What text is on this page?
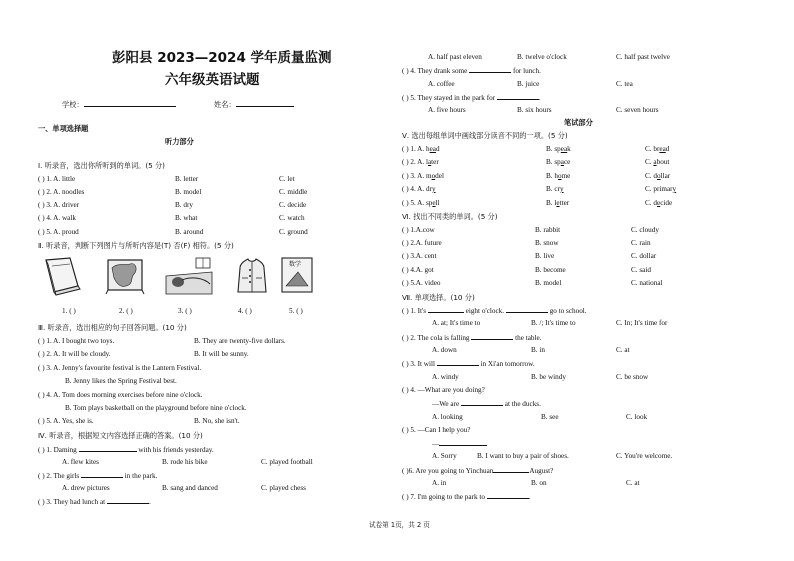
彭阳县 2023—2024 学年质量监测
六年级英语试题
学校：	姓名：
一、单项选择题
听力部分
Ⅰ. 听录音，选出你所听到的单词。(5 分)
( ) 1. A. little	B. letter	C. let
( ) 2. A. noodles	B. model	C. middle
( ) 3. A. driver	B. dry	C. decide
( ) 4. A. walk	B. what	C. watch
( ) 5. A. proud	B. around	C. ground
Ⅱ. 听录音，判断下列图片与所听内容是(T) 否(F) 相符。(5 分)
数学
1. ( )	2. ( )	3. ( )	4. ( )	5. ( )
Ⅲ. 听录音，选出相应的句子回答问题。(10 分)
( ) 1. A. I bought two toys.	B. They are twenty-five dollars.
( ) 2. A. It will be cloudy.	B. It will be sunny.
( ) 3. A. Jenny's favourite festival is the Lantern Festival.
B. Jenny likes the Spring Festival best.
( ) 4. A. Tom does morning exercises before nine o'clock.
B. Tom plays basketball on the playground before nine o'clock.
( ) 5. A. Yes, she is.	B. No, she isn't.
Ⅳ. 听录音，根据短文内容选择正确的答案。(10 分)
( ) 1. Daming	with his friends yesterday.
A. flew kites	B. rode his bike	C. played football
( ) 2. The girls	in the park.
A. drew pictures	B. sang and danced	C. played chess
( ) 3. They had lunch at	.
A. half past eleven	B. twelve o'clock	C. half past twelve
( ) 4. They drank some	for lunch.
A. coffee	B. juice	C. tea
( ) 5. They stayed in the park for	.
A. five hours	B. six hours	C. seven hours
笔试部分
Ⅴ. 选出每组单词中画线部分读音不同的一项。(5 分)
( ) 1. A. head	B. speak	C. bread
( ) 2. A. later	B. space	C. about
( ) 3. A. model	B. home	C. dollar
( ) 4. A. dry	B. cry	C. primary
( ) 5. A. spell	B. letter	C. decide
Ⅵ. 找出不同类的单词。(5 分)
( ) 1.A.cow	B. rabbit	C. cloudy
( ) 2.A. future	B. snow	C. rain
( ) 3.A. cent	B. live	C. dollar
( ) 4.A. got	B. become	C. said
( ) 5.A. video	B. model	C. national
Ⅶ. 单项选择。(10 分)
( ) 1. It's	eight o'clock.	go to school.
A. at; It's time to	B. /; It's time to	C. In; It's time for
( ) 2. The cola is falling	the table.
A. down	B. in	C. at
( ) 3. It will	in Xi'an tomorrow.
A. windy	B. be windy	C. be snow
( ) 4. —What are you doing?
—We are	at the ducks.
A. looking	B. see	C. look
( ) 5. —Can I help you?
—
A. Sorry	B. I want to buy a pair of shoes.	C. You're welcome.
( )6. Are you going to Yinchuan	August?
A. in	B. on	C. at
( ) 7. I'm going to the park to	.
试卷第 1页，共 2 页
